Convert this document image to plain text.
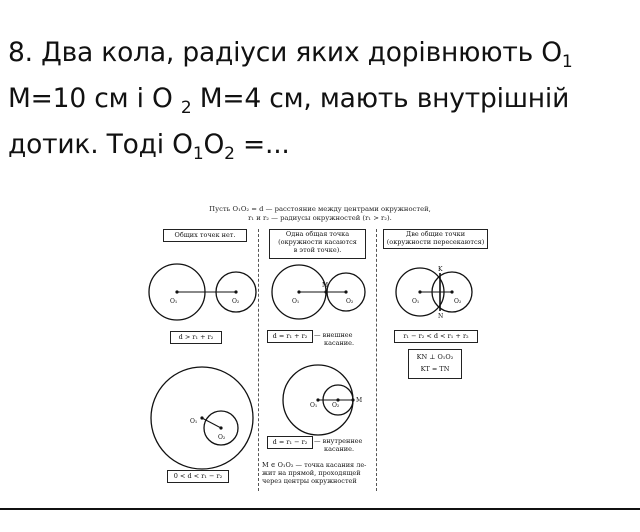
8. Два кола, радіуси яких дорівнюють $O_1$
M=10 см і O $_2$ M=4 см, мають внутрішній
дотик. Тоді $O_1O_2$ =...
Пусть O₁O₂ = d — расстояние между центрами окружностей,
r₁ и r₂ — радиусы окружностей (r₁ > r₂).
Общих точек нет.	Одна общая точка
(окружности касаются
в этой точке).
Две общие точки
(окружности пересекаются)
O₁	O₂	O₁	O₂
M
O₁	O₂
K
N
O₁ O₂
M
O₁
O₂
d > r₁ + r₂	d = r₁ + r₂	— внешнее
касание.
r₁ − r₂ < d < r₁ + r₂
KN ⊥ O₁O₂
KT = TN
d = r₁ − r₂	— внутреннее
касание.
0 < d < r₁ − r₂
M ∈ O₁O₂ — точка касания ле-
жит на прямой, проходящей
через центры окружностей
